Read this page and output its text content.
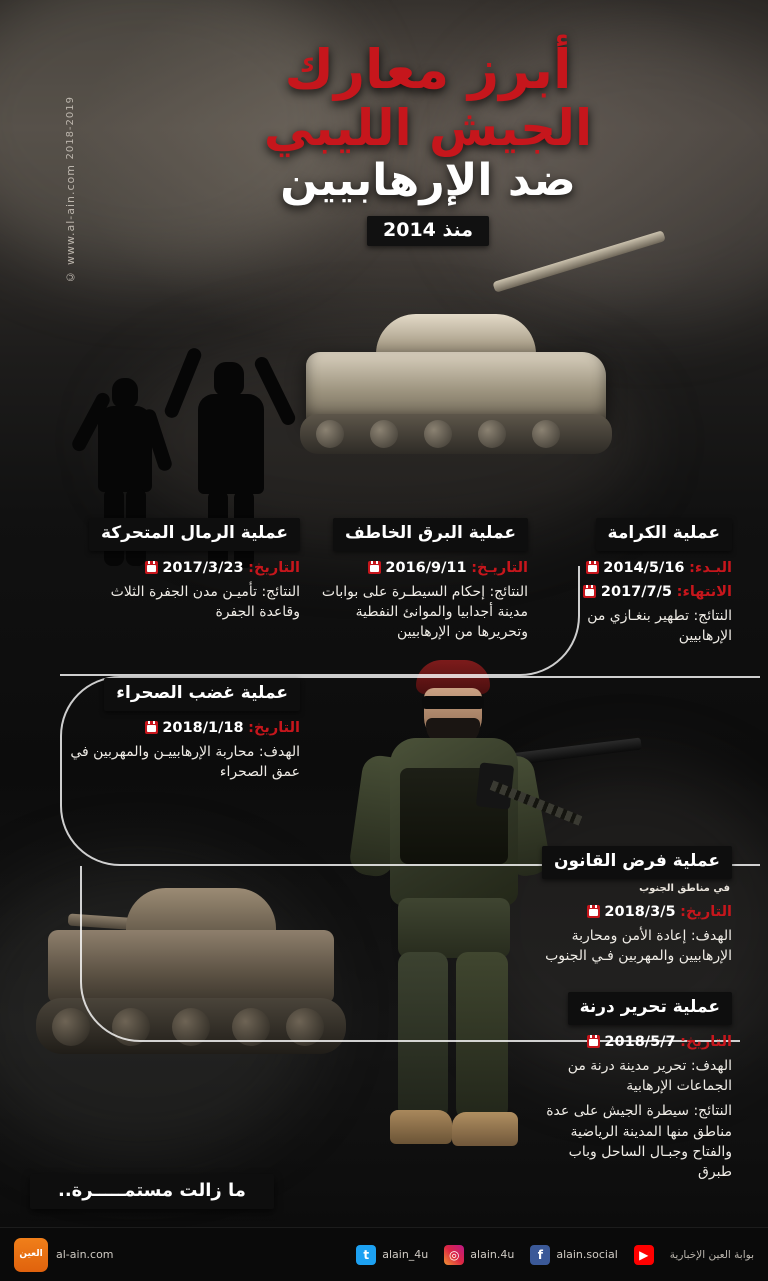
© www.al-ain.com 2018-2019
أبرز معارك
الجيش الليبي
ضد الإرهابيين
منذ 2014
عملية الكرامة
البـدء: 2014/5/16
الانتهاء: 2017/7/5
النتائج: تطهير بنغـازي من الإرهابيين
عملية البرق الخاطف
التاريـخ: 2016/9/11
النتائج: إحكام السيطـرة على بوابات مدينة أجدابيا والموانئ النفطية وتحريرها من الإرهابيين
عملية الرمال المتحركة
التاريخ: 2017/3/23
النتائج: تأميـن مدن الجفرة الثلاث وقاعدة الجفرة
عملية غضب الصحراء
التاريخ: 2018/1/18
الهدف: محاربة الإرهابييـن والمهربين في عمق الصحراء
عملية فرض القانون
في مناطق الجنوب
التاريخ: 2018/3/5
الهدف: إعادة الأمن ومحاربة الإرهابيين والمهربين فـي الجنوب
عملية تحرير درنة
التاريخ: 2018/5/7
الهدف: تحرير مدينة درنة من الجماعات الإرهابية
النتائج: سيطرة الجيش على عدة مناطق منها المدينة الرياضية والفتاح وجبـال الساحل وباب طبرق
ما زالت مستمـــــرة..
t	alain_4u	◎ alain.4u	f	alain.social	▶	بوابة العين الإخبارية
al-ain.com
العين
